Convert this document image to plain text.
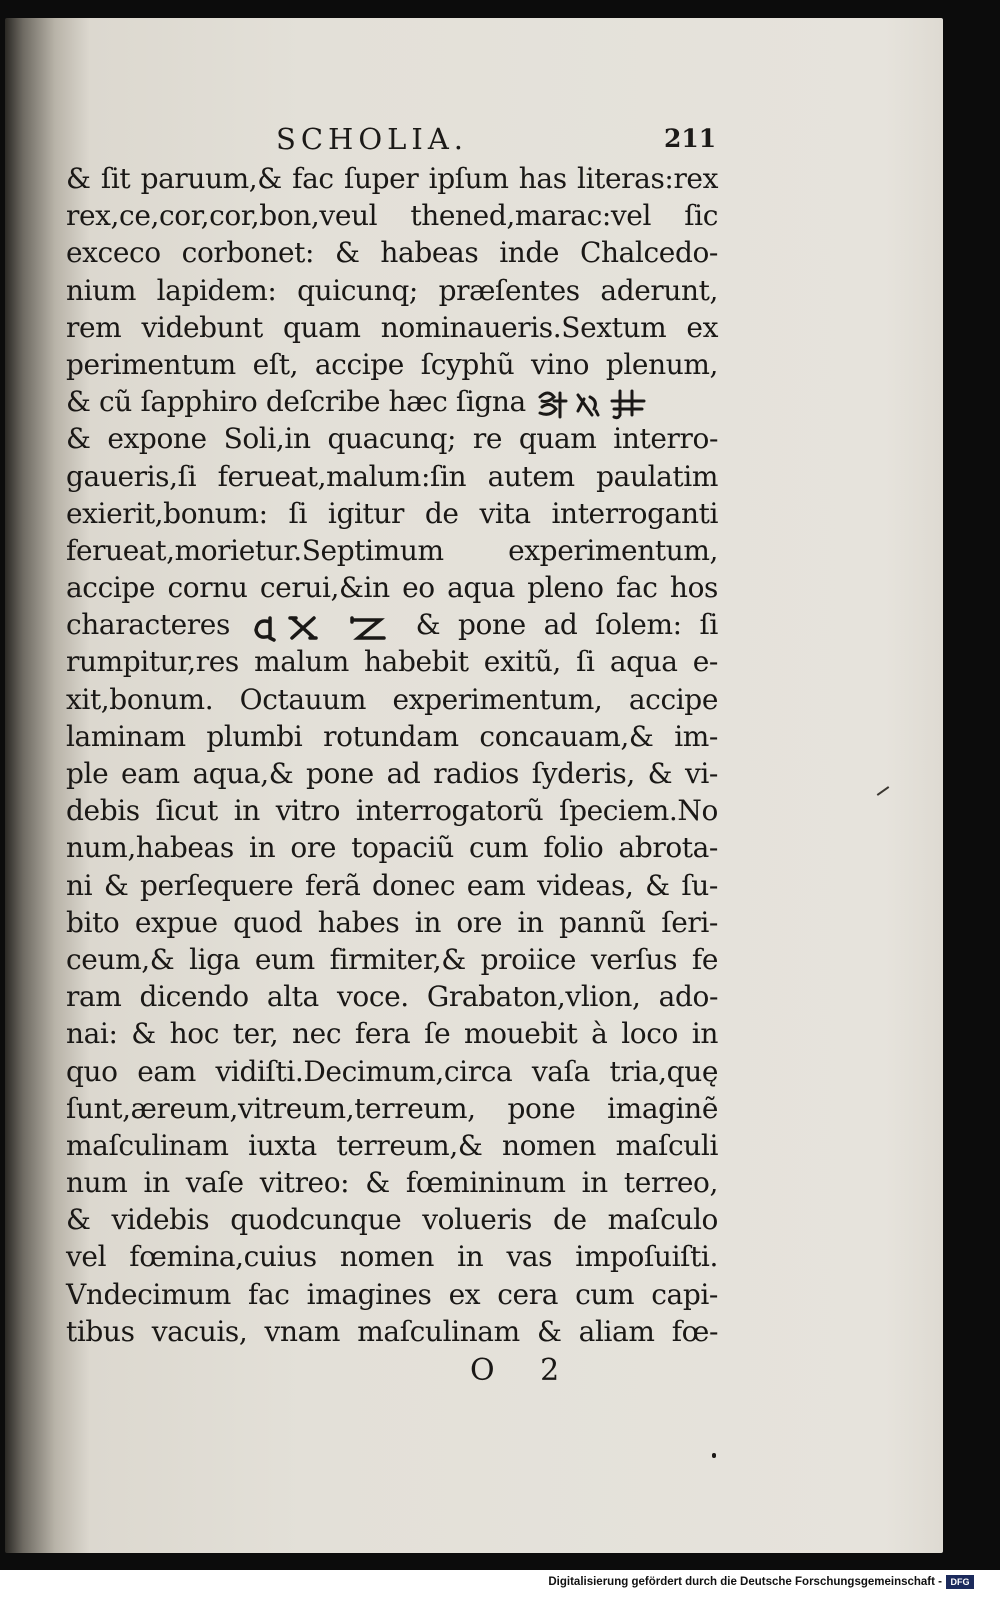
SCHOLIA.	211
& ſit paruum,& fac ſuper ipſum has literas:rex
rex,ce,cor,cor,bon,veul thened,marac:vel ſic
exceco corbonet: & habeas inde Chalcedo-
nium lapidem: quicunq; præſentes aderunt,
rem videbunt quam nominaueris.Sextum ex
perimentum eſt, accipe ſcyphũ vino plenum,
& cũ ſapphiro deſcribe hæc ſigna
& expone Soli,in quacunq; re quam interro-
gaueris,ſi ferueat,malum:ſin autem paulatim
exierit,bonum: ſi igitur de vita interroganti
ferueat,morietur.Septimum experimentum,
accipe cornu cerui,&in eo aqua pleno fac hos
characteres	& pone ad ſolem: ſi
rumpitur,res malum habebit exitũ, ſi aqua e-
xit,bonum. Octauum experimentum, accipe
laminam plumbi rotundam concauam,& im-
ple eam aqua,& pone ad radios ſyderis, & vi-
debis ſicut in vitro interrogatorũ ſpeciem.No
num,habeas in ore topaciũ cum folio abrota-
ni & perſequere ferã donec eam videas, & ſu-
bito expue quod habes in ore in pannũ ſeri-
ceum,& liga eum firmiter,& proiice verſus fe
ram dicendo alta voce. Grabaton,vlion, ado-
nai: & hoc ter, nec fera ſe mouebit à loco in
quo eam vidiſti.Decimum,circa vaſa tria,quę
ſunt,æreum,vitreum,terreum, pone imaginẽ
maſculinam iuxta terreum,& nomen maſculi
num in vaſe vitreo: & fœmininum in terreo,
& videbis quodcunque volueris de maſculo
vel fœmina,cuius nomen in vas impoſuiſti.
Vndecimum fac imagines ex cera cum capi-
tibus vacuis, vnam maſculinam & aliam fœ-
O 2
Digitalisierung gefördert durch die Deutsche Forschungsgemeinschaft - DFG
